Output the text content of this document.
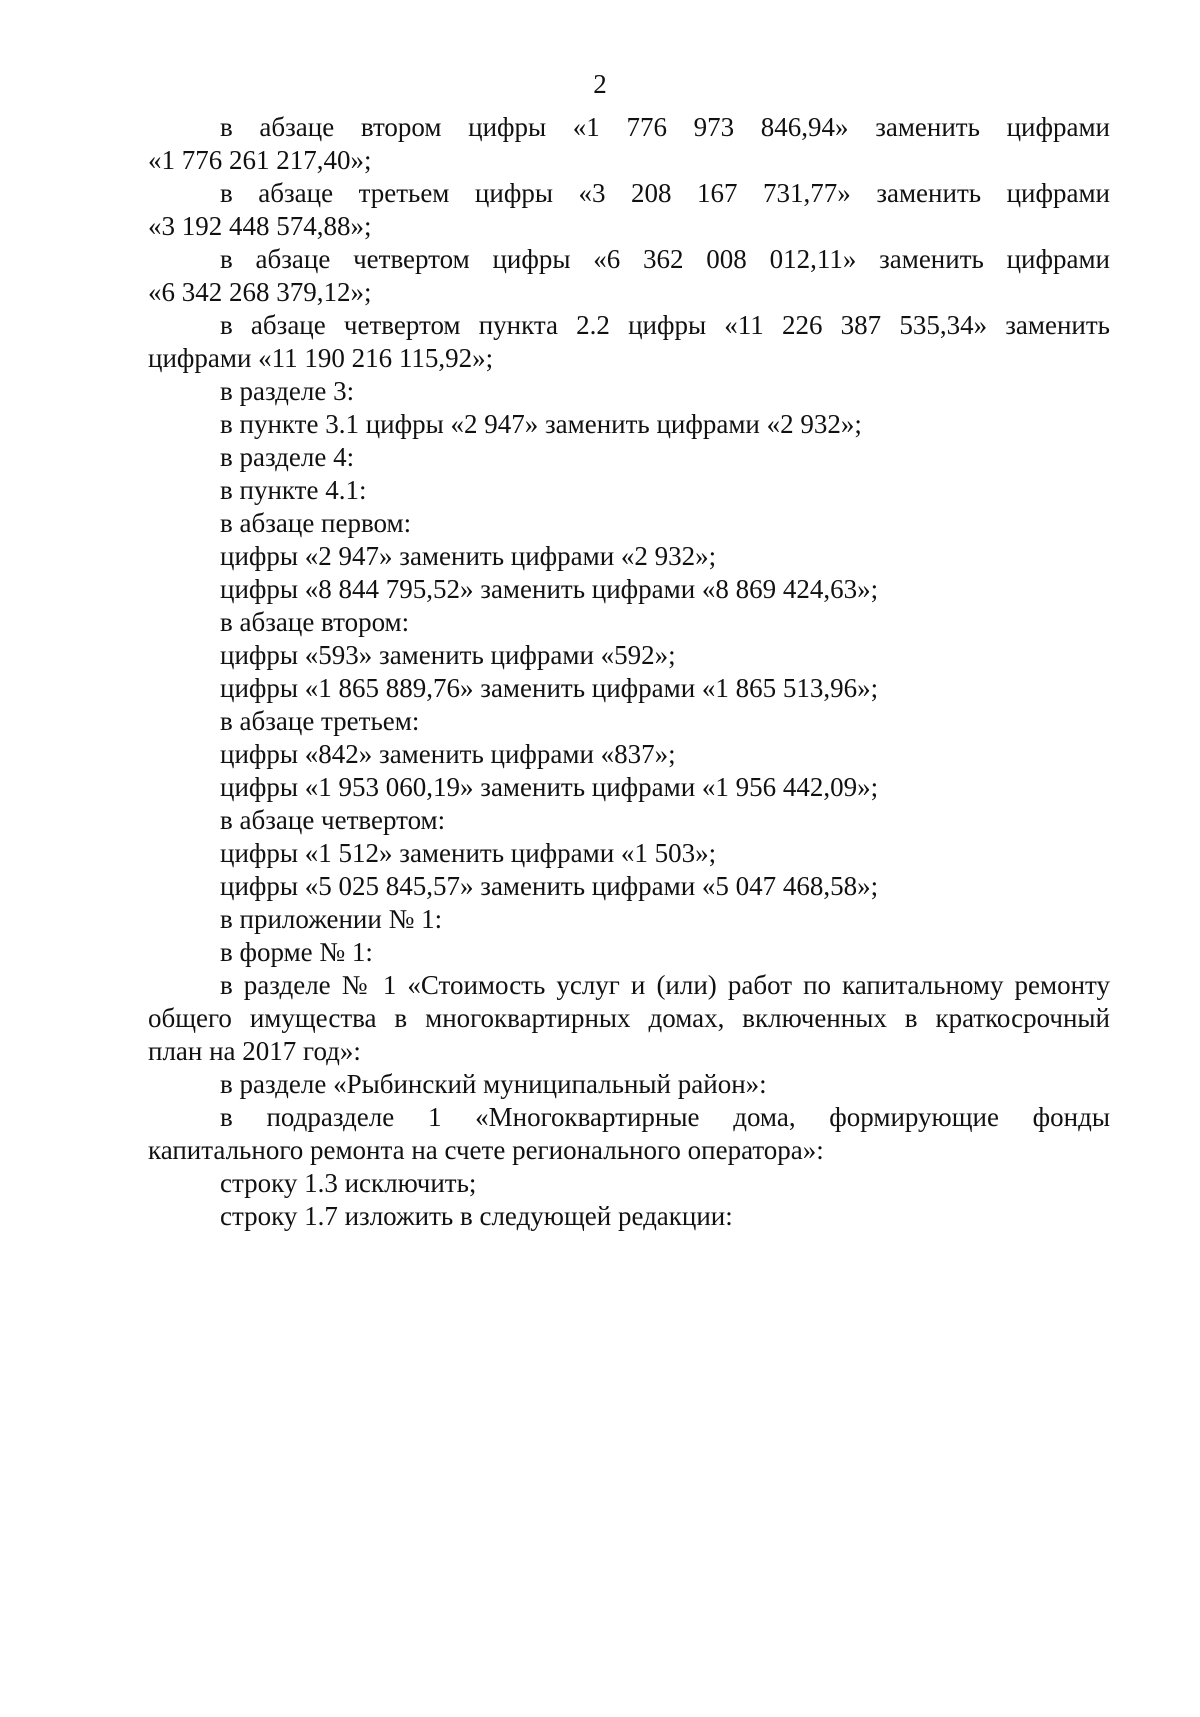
2
в абзаце втором цифры «1 776 973 846,94» заменить цифрами
«1 776 261 217,40»;
в абзаце третьем цифры «3 208 167 731,77» заменить цифрами
«3 192 448 574,88»;
в абзаце четвертом цифры «6 362 008 012,11» заменить цифрами
«6 342 268 379,12»;
в абзаце четвертом пункта 2.2 цифры «11 226 387 535,34» заменить
цифрами «11 190 216 115,92»;
в разделе 3:
в пункте 3.1 цифры «2 947» заменить цифрами «2 932»;
в разделе 4:
в пункте 4.1:
в абзаце первом:
цифры «2 947» заменить цифрами «2 932»;
цифры «8 844 795,52» заменить цифрами «8 869 424,63»;
в абзаце втором:
цифры «593» заменить цифрами «592»;
цифры «1 865 889,76» заменить цифрами «1 865 513,96»;
в абзаце третьем:
цифры «842» заменить цифрами «837»;
цифры «1 953 060,19» заменить цифрами «1 956 442,09»;
в абзаце четвертом:
цифры «1 512» заменить цифрами «1 503»;
цифры «5 025 845,57» заменить цифрами «5 047 468,58»;
в приложении № 1:
в форме № 1:
в разделе № 1 «Стоимость услуг и (или) работ по капитальному ремонту
общего имущества в многоквартирных домах, включенных в краткосрочный
план на 2017 год»:
в разделе «Рыбинский муниципальный район»:
в подразделе 1 «Многоквартирные дома, формирующие фонды
капитального ремонта на счете регионального оператора»:
строку 1.3 исключить;
строку 1.7 изложить в следующей редакции:
